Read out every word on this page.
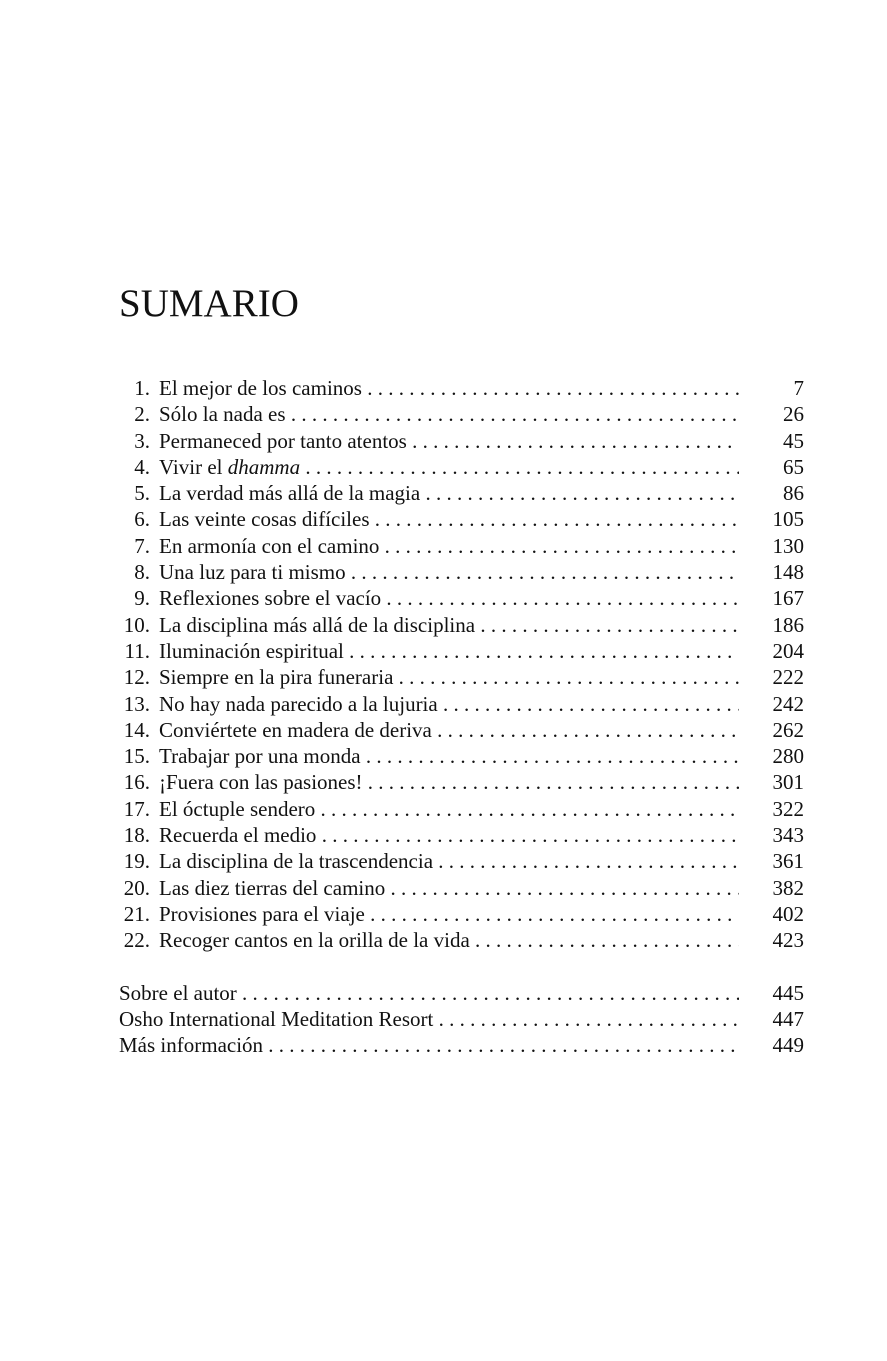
SUMARIO
1. El mejor de los caminos . . .	7
2. Sólo la nada es . . .	26
3. Permaneced por tanto atentos . . .	45
4. Vivir el dhamma . . .	65
5. La verdad más allá de la magia . . .	86
6. Las veinte cosas difíciles . . .	105
7. En armonía con el camino . . .	130
8. Una luz para ti mismo . . .	148
9. Reflexiones sobre el vacío . . .	167
10. La disciplina más allá de la disciplina . . .	186
11. Iluminación espiritual . . .	204
12. Siempre en la pira funeraria . . .	222
13. No hay nada parecido a la lujuria . . .	242
14. Conviértete en madera de deriva . . .	262
15. Trabajar por una monda . . .	280
16. ¡Fuera con las pasiones! . . .	301
17. El óctuple sendero . . .	322
18. Recuerda el medio . . .	343
19. La disciplina de la trascendencia . . .	361
20. Las diez tierras del camino . . .	382
21. Provisiones para el viaje . . .	402
22. Recoger cantos en la orilla de la vida . . .	423
Sobre el autor . . .	445
Osho International Meditation Resort . . .	447
Más información . . .	449
